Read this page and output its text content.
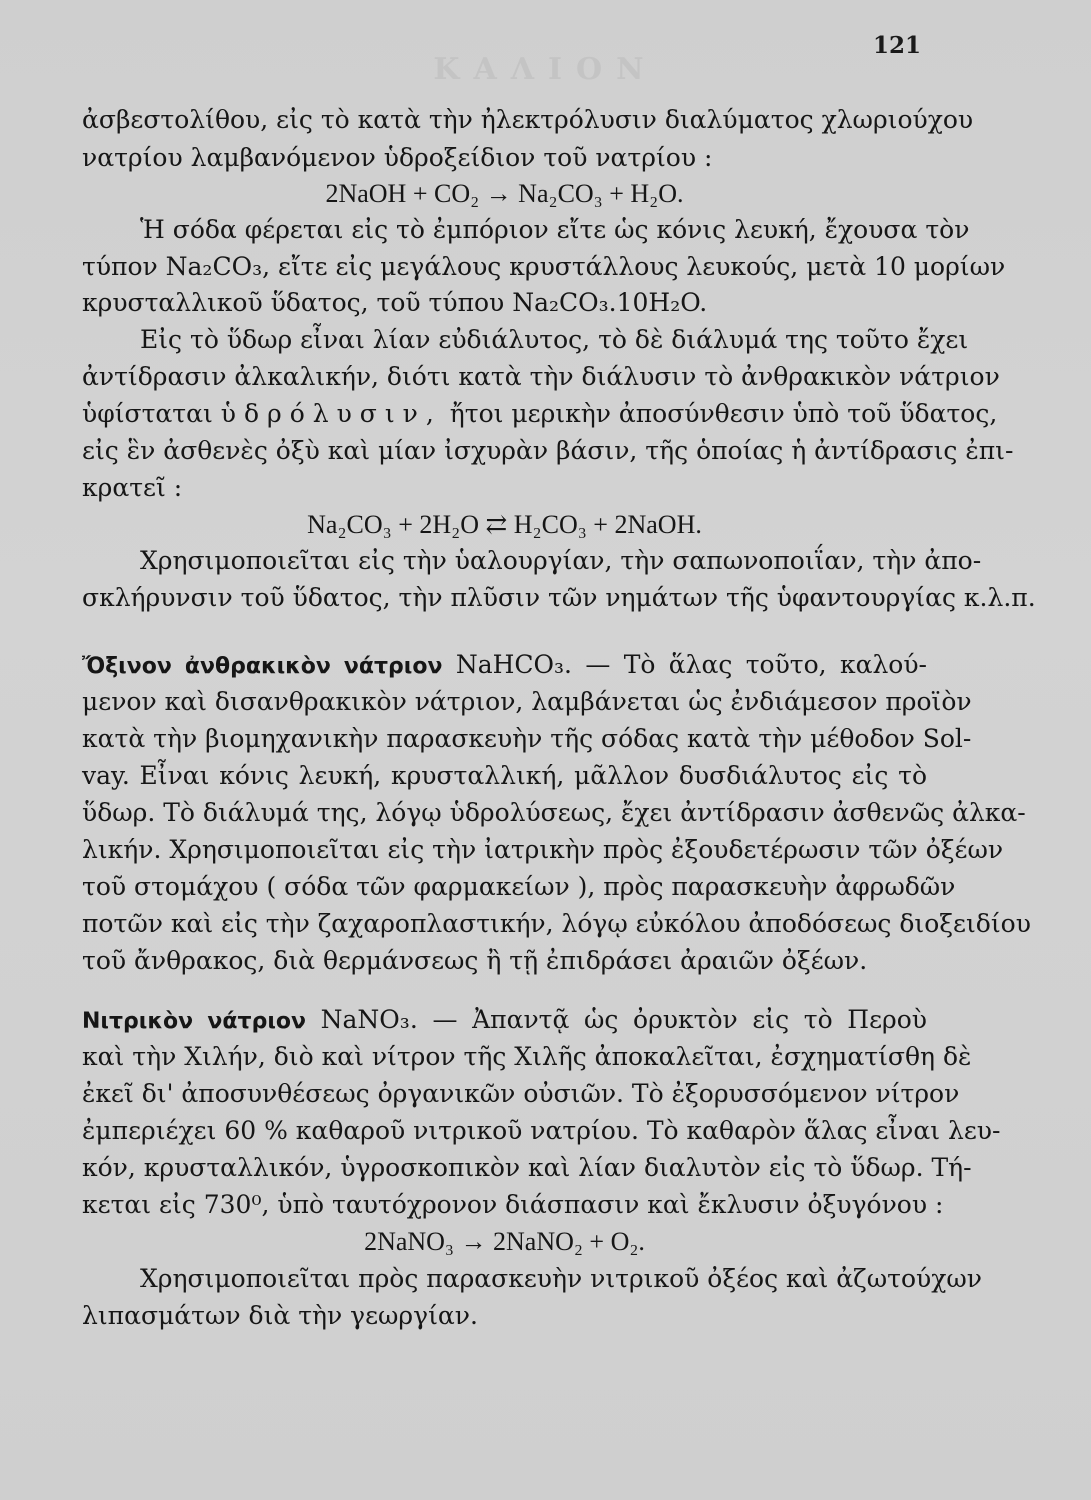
ΚΑΛΙΟΝ
121
ἀσβεστολίθου, εἰς τὸ κατὰ τὴν ἠλεκτρόλυσιν διαλύματος χλωριούχου
νατρίου λαμβανόμενον ὑδροξείδιον τοῦ νατρίου :
2NaOH + CO₂ → Na₂CO₃ + H₂O.
Ἡ σόδα φέρεται εἰς τὸ ἐμπόριον εἴτε ὡς κόνις λευκή, ἔχουσα τὸν
τύπον Na₂CO₃, εἴτε εἰς μεγάλους κρυστάλλους λευκούς, μετὰ 10 μορίων
κρυσταλλικοῦ ὕδατος, τοῦ τύπου Na₂CO₃.10H₂O.
Εἰς τὸ ὕδωρ εἶναι λίαν εὐδιάλυτος, τὸ δὲ διάλυμά της τοῦτο ἔχει
ἀντίδρασιν ἀλκαλικήν, διότι κατὰ τὴν διάλυσιν τὸ ἀνθρακικὸν νάτριον
ὑφίσταται ὑδρόλυσιν, ἤτοι μερικὴν ἀποσύνθεσιν ὑπὸ τοῦ ὕδατος,
εἰς ἓν ἀσθενὲς ὀξὺ καὶ μίαν ἰσχυρὰν βάσιν, τῆς ὁποίας ἡ ἀντίδρασις ἐπι-
κρατεῖ :
Na₂CO₃ + 2H₂O ⇄ H₂CO₃ + 2NaOH.
Χρησιμοποιεῖται εἰς τὴν ὑαλουργίαν, τὴν σαπωνοποιΐαν, τὴν ἀπο-
σκλήρυνσιν τοῦ ὕδατος, τὴν πλῦσιν τῶν νημάτων τῆς ὑφαντουργίας κ.λ.π.
Ὄξινον ἀνθρακικὸν νάτριον NaHCO₃. — Τὸ ἅλας τοῦτο, καλού-
μενον καὶ δισανθρακικὸν νάτριον, λαμβάνεται ὡς ἐνδιάμεσον προϊὸν
κατὰ τὴν βιομηχανικὴν παρασκευὴν τῆς σόδας κατὰ τὴν μέθοδον Sol-
vay. Εἶναι κόνις λευκή, κρυσταλλική, μᾶλλον δυσδιάλυτος εἰς τὸ
ὕδωρ. Τὸ διάλυμά της, λόγῳ ὑδρολύσεως, ἔχει ἀντίδρασιν ἀσθενῶς ἀλκα-
λικήν. Χρησιμοποιεῖται εἰς τὴν ἰατρικὴν πρὸς ἐξουδετέρωσιν τῶν ὀξέων
τοῦ στομάχου ( σόδα τῶν φαρμακείων ), πρὸς παρασκευὴν ἀφρωδῶν
ποτῶν καὶ εἰς τὴν ζαχαροπλαστικήν, λόγῳ εὐκόλου ἀποδόσεως διοξειδίου
τοῦ ἄνθρακος, διὰ θερμάνσεως ἢ τῇ ἐπιδράσει ἀραιῶν ὀξέων.
Νιτρικὸν νάτριον NaNO₃. — Ἀπαντᾷ ὡς ὀρυκτὸν εἰς τὸ Περοὺ
καὶ τὴν Χιλήν, διὸ καὶ νίτρον τῆς Χιλῆς ἀποκαλεῖται, ἐσχηματίσθη δὲ
ἐκεῖ δι' ἀποσυνθέσεως ὀργανικῶν οὐσιῶν. Τὸ ἐξορυσσόμενον νίτρον
ἐμπεριέχει 60 % καθαροῦ νιτρικοῦ νατρίου. Τὸ καθαρὸν ἅλας εἶναι λευ-
κόν, κρυσταλλικόν, ὑγροσκοπικὸν καὶ λίαν διαλυτὸν εἰς τὸ ὕδωρ. Τή-
κεται εἰς 730⁰, ὑπὸ ταυτόχρονον διάσπασιν καὶ ἔκλυσιν ὀξυγόνου :
2NaNO₃ → 2NaNO₂ + O₂.
Χρησιμοποιεῖται πρὸς παρασκευὴν νιτρικοῦ ὀξέος καὶ ἀζωτούχων
λιπασμάτων διὰ τὴν γεωργίαν.
